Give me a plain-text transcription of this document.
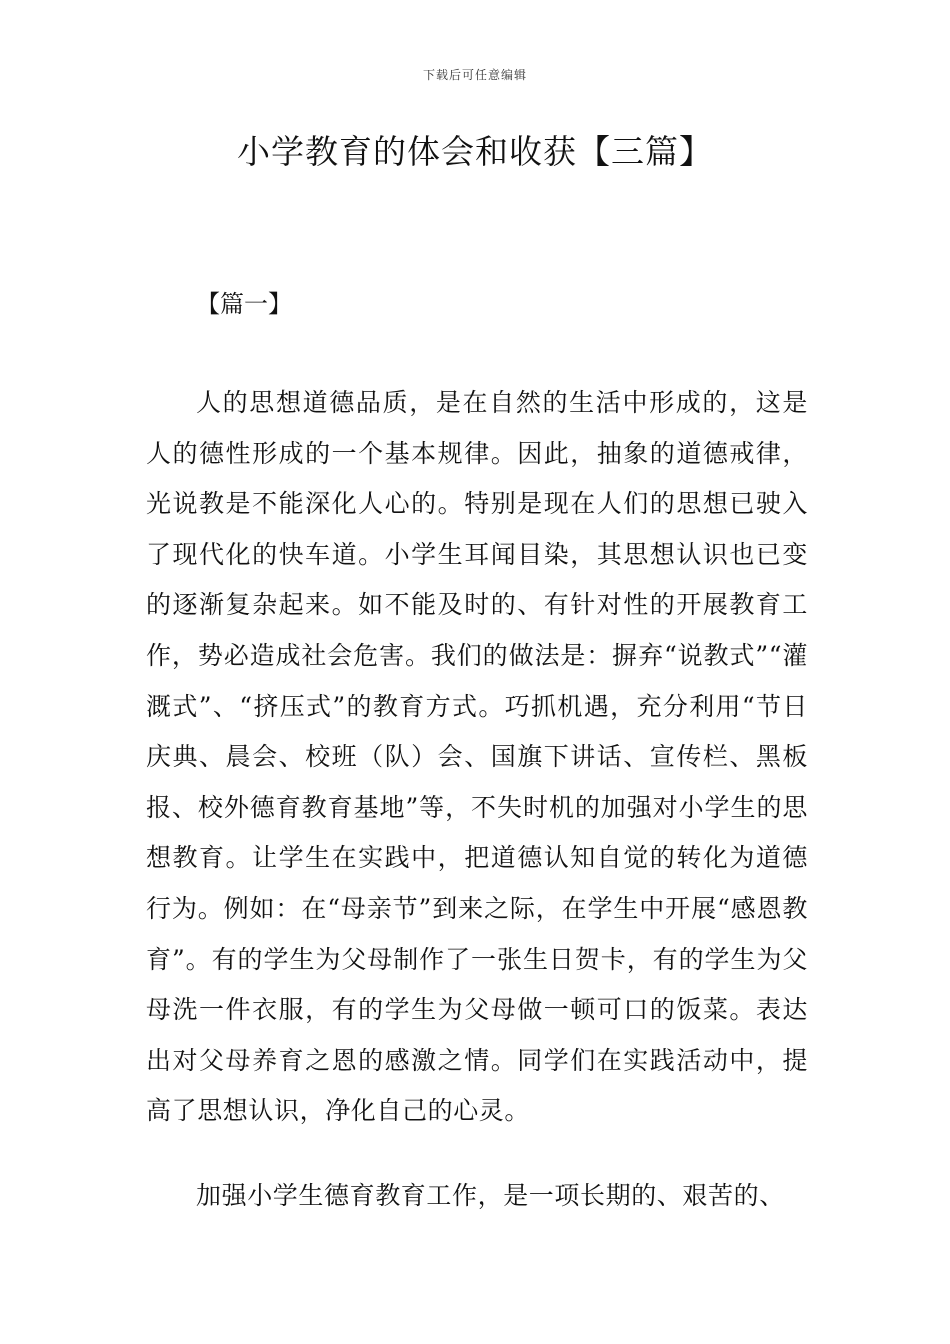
下载后可任意编辑
小学教育的体会和收获【三篇】
【篇一】

人的思想道德品质，是在自然的生活中形成的，这是人的德性形成的一个基本规律。因此，抽象的道德戒律，光说教是不能深化人心的。特别是现在人们的思想已驶入了现代化的快车道。小学生耳闻目染，其思想认识也已变的逐渐复杂起来。如不能及时的、有针对性的开展教育工作，势必造成社会危害。我们的做法是：摒弃“说教式”“灌溉式”、“挤压式”的教育方式。巧抓机遇，充分利用“节日庆典、晨会、校班（队）会、国旗下讲话、宣传栏、黑板报、校外德育教育基地”等，不失时机的加强对小学生的思想教育。让学生在实践中，把道德认知自觉的转化为道德行为。例如：在“母亲节”到来之际，在学生中开展“感恩教育”。有的学生为父母制作了一张生日贺卡，有的学生为父母洗一件衣服，有的学生为父母做一顿可口的饭菜。表达出对父母养育之恩的感激之情。同学们在实践活动中，提高了思想认识，净化自己的心灵。

加强小学生德育教育工作，是一项长期的、艰苦的、
